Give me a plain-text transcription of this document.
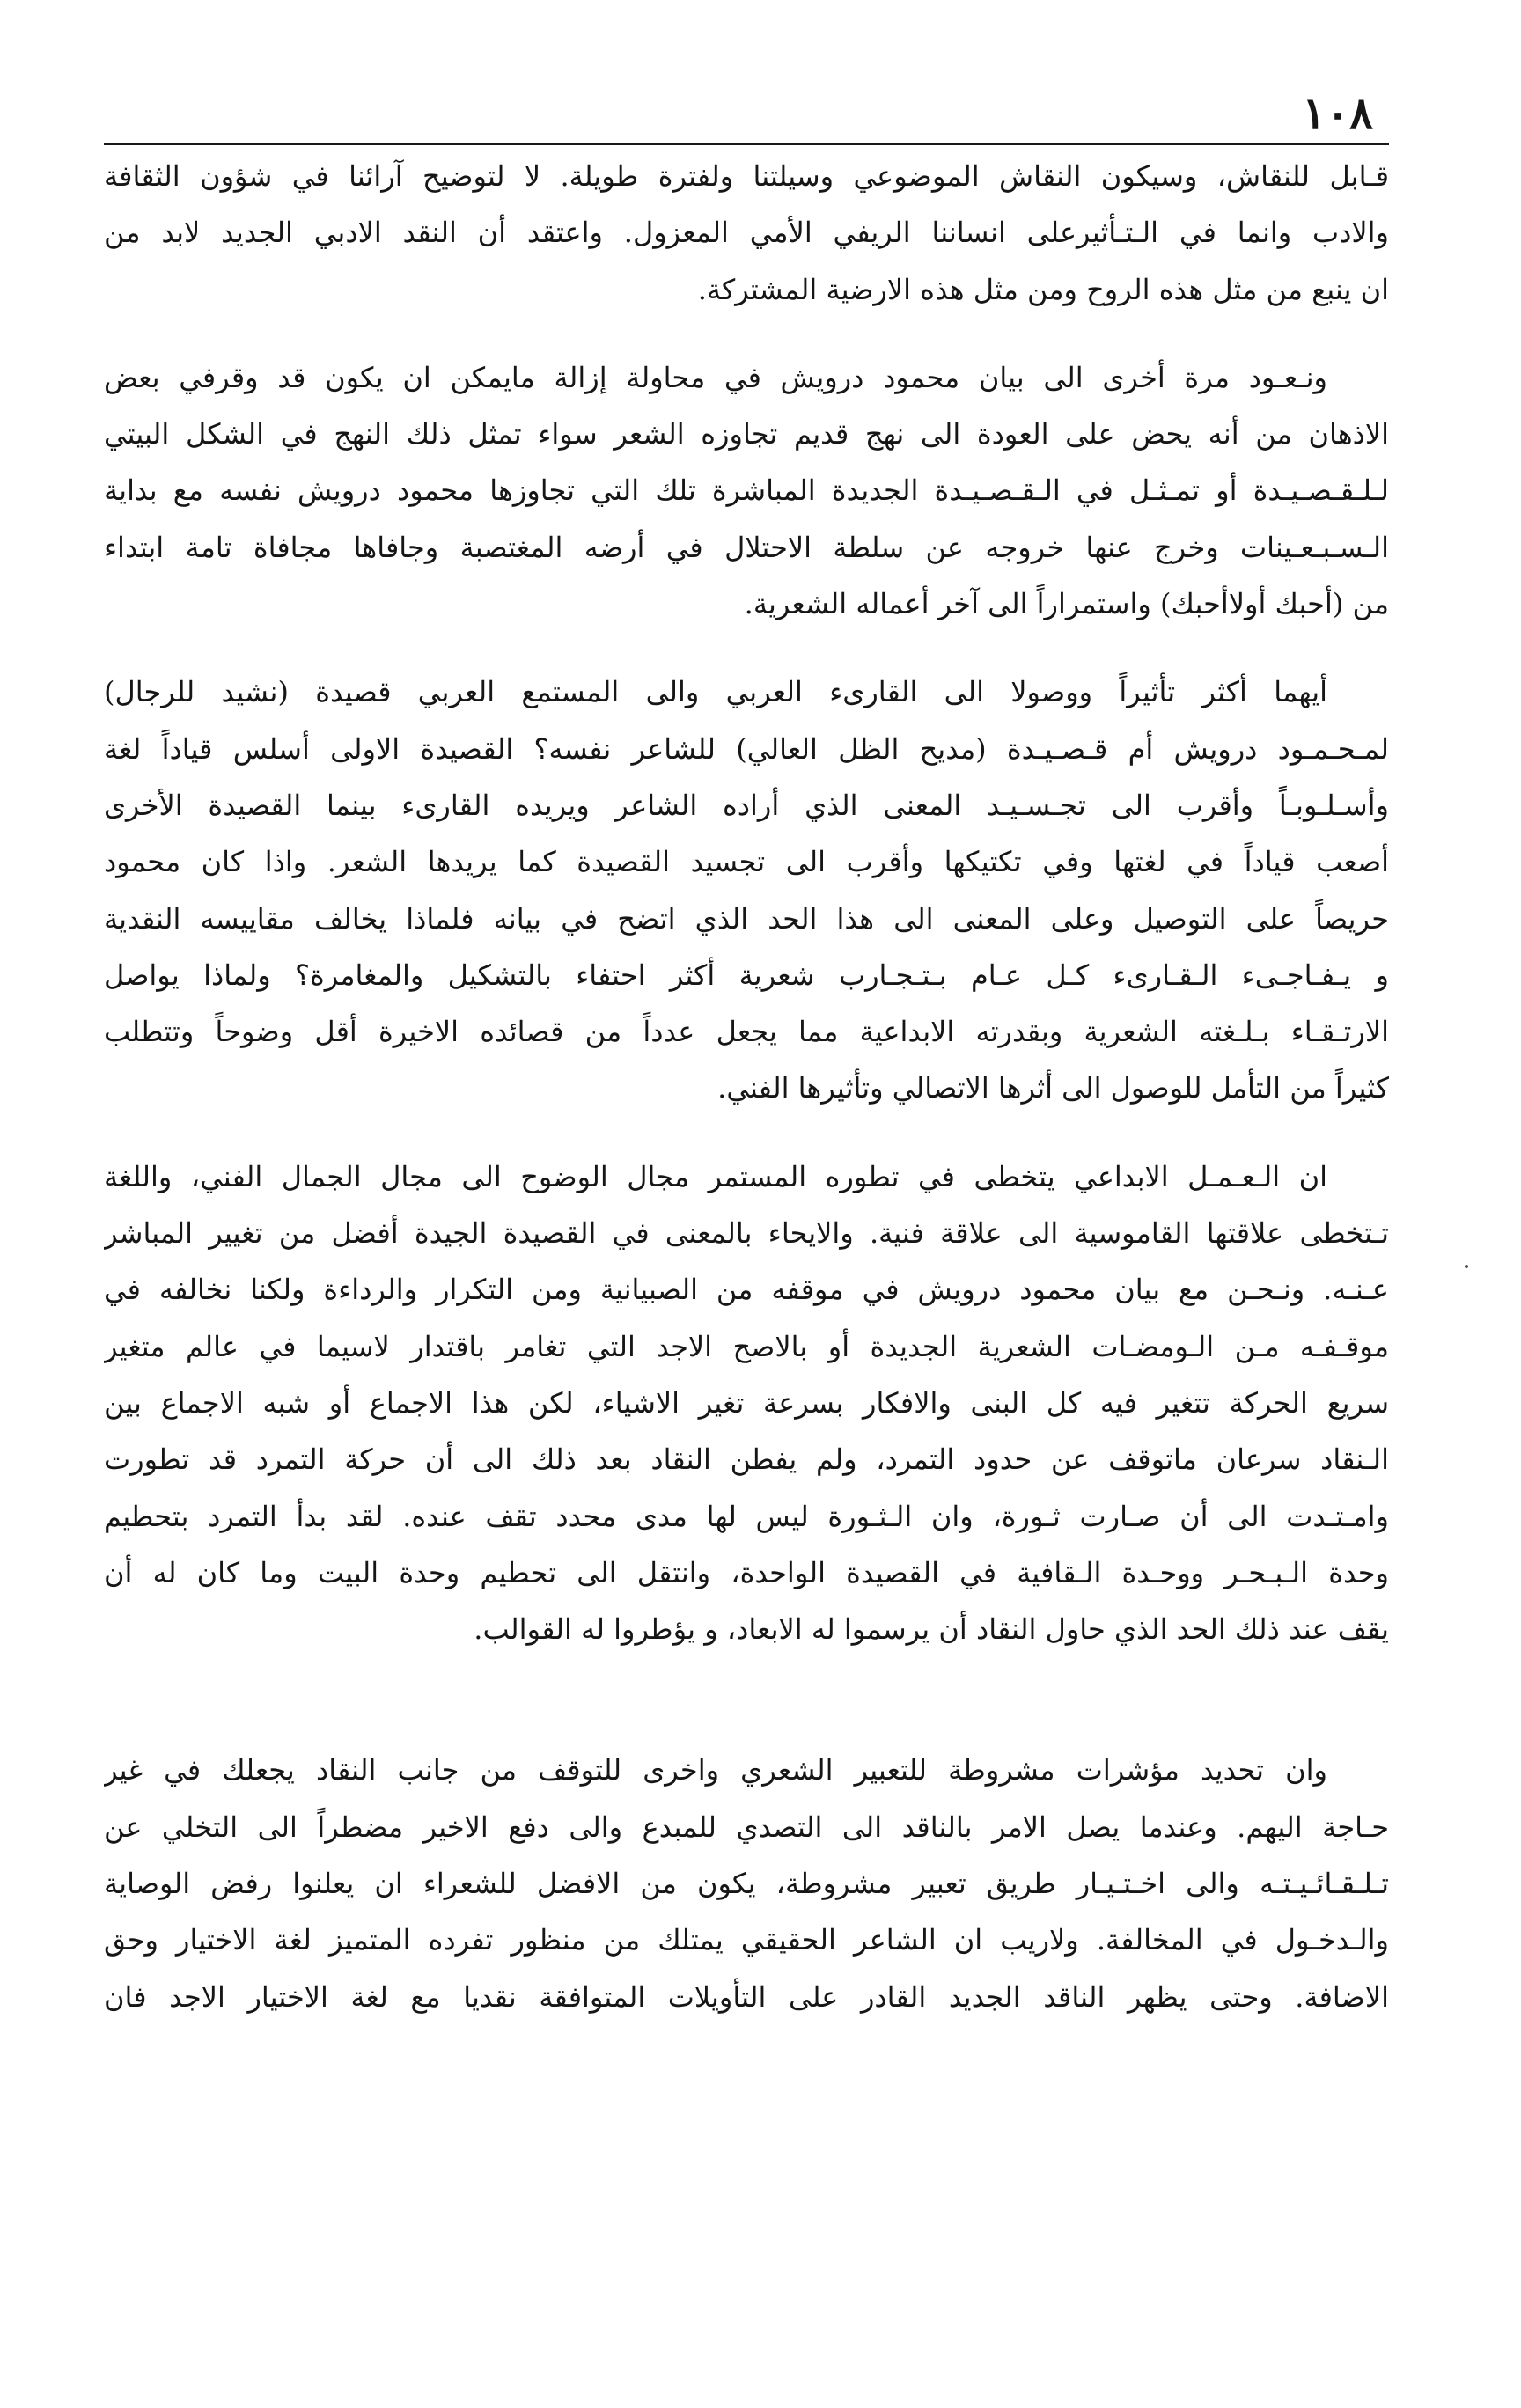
١٠٨

قـابل للنقاش، وسيكون النقاش الموضوعي وسيلتنا ولفترة طويلة. لا لتوضيح آرائنا في شؤون الثقافة
والادب وانما في الـتـأثيرعلى انساننا الريفي الأمي المعزول. واعتقد أن النقد الادبي الجديد لابد من
ان ينبع من مثل هذه الروح ومن مثل هذه الارضية المشتركة.

ونـعـود مرة أخرى الى بيان محمود درويش في محاولة إزالة مايمكن ان يكون قد وقرفي بعض
الاذهان من أنه يحض على العودة الى نهج قديم تجاوزه الشعر سواء تمثل ذلك النهج في الشكل البيتي
لـلـقـصـيـدة أو تمـثـل في الـقـصـيـدة الجديدة المباشرة تلك التي تجاوزها محمود درويش نفسه مع بداية
الـسـبـعـينات وخرج عنها خروجه عن سلطة الاحتلال في أرضه المغتصبة وجافاها مجافاة تامة ابتداء
من (أحبك أولاأحبك) واستمراراً الى آخر أعماله الشعرية.

أيهما أكثر تأثيراً ووصولا الى القارىء العربي والى المستمع العربي قصيدة (نشيد للرجال)
لمـحـمـود درويش أم قـصـيـدة (مديح الظل العالي) للشاعر نفسه؟ القصيدة الاولى أسلس قياداً لغة
وأسـلـوبـاً وأقرب الى تجـسـيـد المعنى الذي أراده الشاعر ويريده القارىء بينما القصيدة الأخرى
أصعب قياداً في لغتها وفي تكتيكها وأقرب الى تجسيد القصيدة كما يريدها الشعر. واذا كان محمود
حريصاً على التوصيل وعلى المعنى الى هذا الحد الذي اتضح في بيانه فلماذا يخالف مقاييسه النقدية
و يـفـاجـىء الـقـارىء كـل عـام بـتـجـارب شعرية أكثر احتفاء بالتشكيل والمغامرة؟ ولماذا يواصل
الارتـقـاء بـلـغته الشعرية وبقدرته الابداعية مما يجعل عدداً من قصائده الاخيرة أقل وضوحاً وتتطلب
كثيراً من التأمل للوصول الى أثرها الاتصالي وتأثيرها الفني.

ان الـعـمـل الابداعي يتخطى في تطوره المستمر مجال الوضوح الى مجال الجمال الفني، واللغة
تـتخطى علاقتها القاموسية الى علاقة فنية. والايحاء بالمعنى في القصيدة الجيدة أفضل من تغيير المباشر
عـنـه. ونـحـن مع بيان محمود درويش في موقفه من الصبيانية ومن التكرار والرداءة ولكنا نخالفه في
موقـفـه مـن الـومضـات الشعرية الجديدة أو بالاصح الاجد التي تغامر باقتدار لاسيما في عالم متغير
سريع الحركة تتغير فيه كل البنى والافكار بسرعة تغير الاشياء، لكن هذا الاجماع أو شبه الاجماع بين
الـنقاد سرعان ماتوقف عن حدود التمرد، ولم يفطن النقاد بعد ذلك الى أن حركة التمرد قد تطورت
وامـتـدت الى أن صـارت ثـورة، وان الـثـورة ليس لها مدى محدد تقف عنده. لقد بدأ التمرد بتحطيم
وحدة الـبـحـر ووحـدة الـقافية في القصيدة الواحدة، وانتقل الى تحطيم وحدة البيت وما كان له أن
يقف عند ذلك الحد الذي حاول النقاد أن يرسموا له الابعاد، و يؤطروا له القوالب.

وان تحديد مؤشرات مشروطة للتعبير الشعري واخرى للتوقف من جانب النقاد يجعلك في غير
حـاجة اليهم. وعندما يصل الامر بالناقد الى التصدي للمبدع والى دفع الاخير مضطراً الى التخلي عن
تـلـقـائـيـتـه والى اخـتـيـار طريق تعبير مشروطة، يكون من الافضل للشعراء ان يعلنوا رفض الوصاية
والـدخـول في المخالفة. ولاريب ان الشاعر الحقيقي يمتلك من منظور تفرده المتميز لغة الاختيار وحق
الاضافة. وحتى يظهر الناقد الجديد القادر على التأويلات المتوافقة نقديا مع لغة الاختيار الاجد فان
